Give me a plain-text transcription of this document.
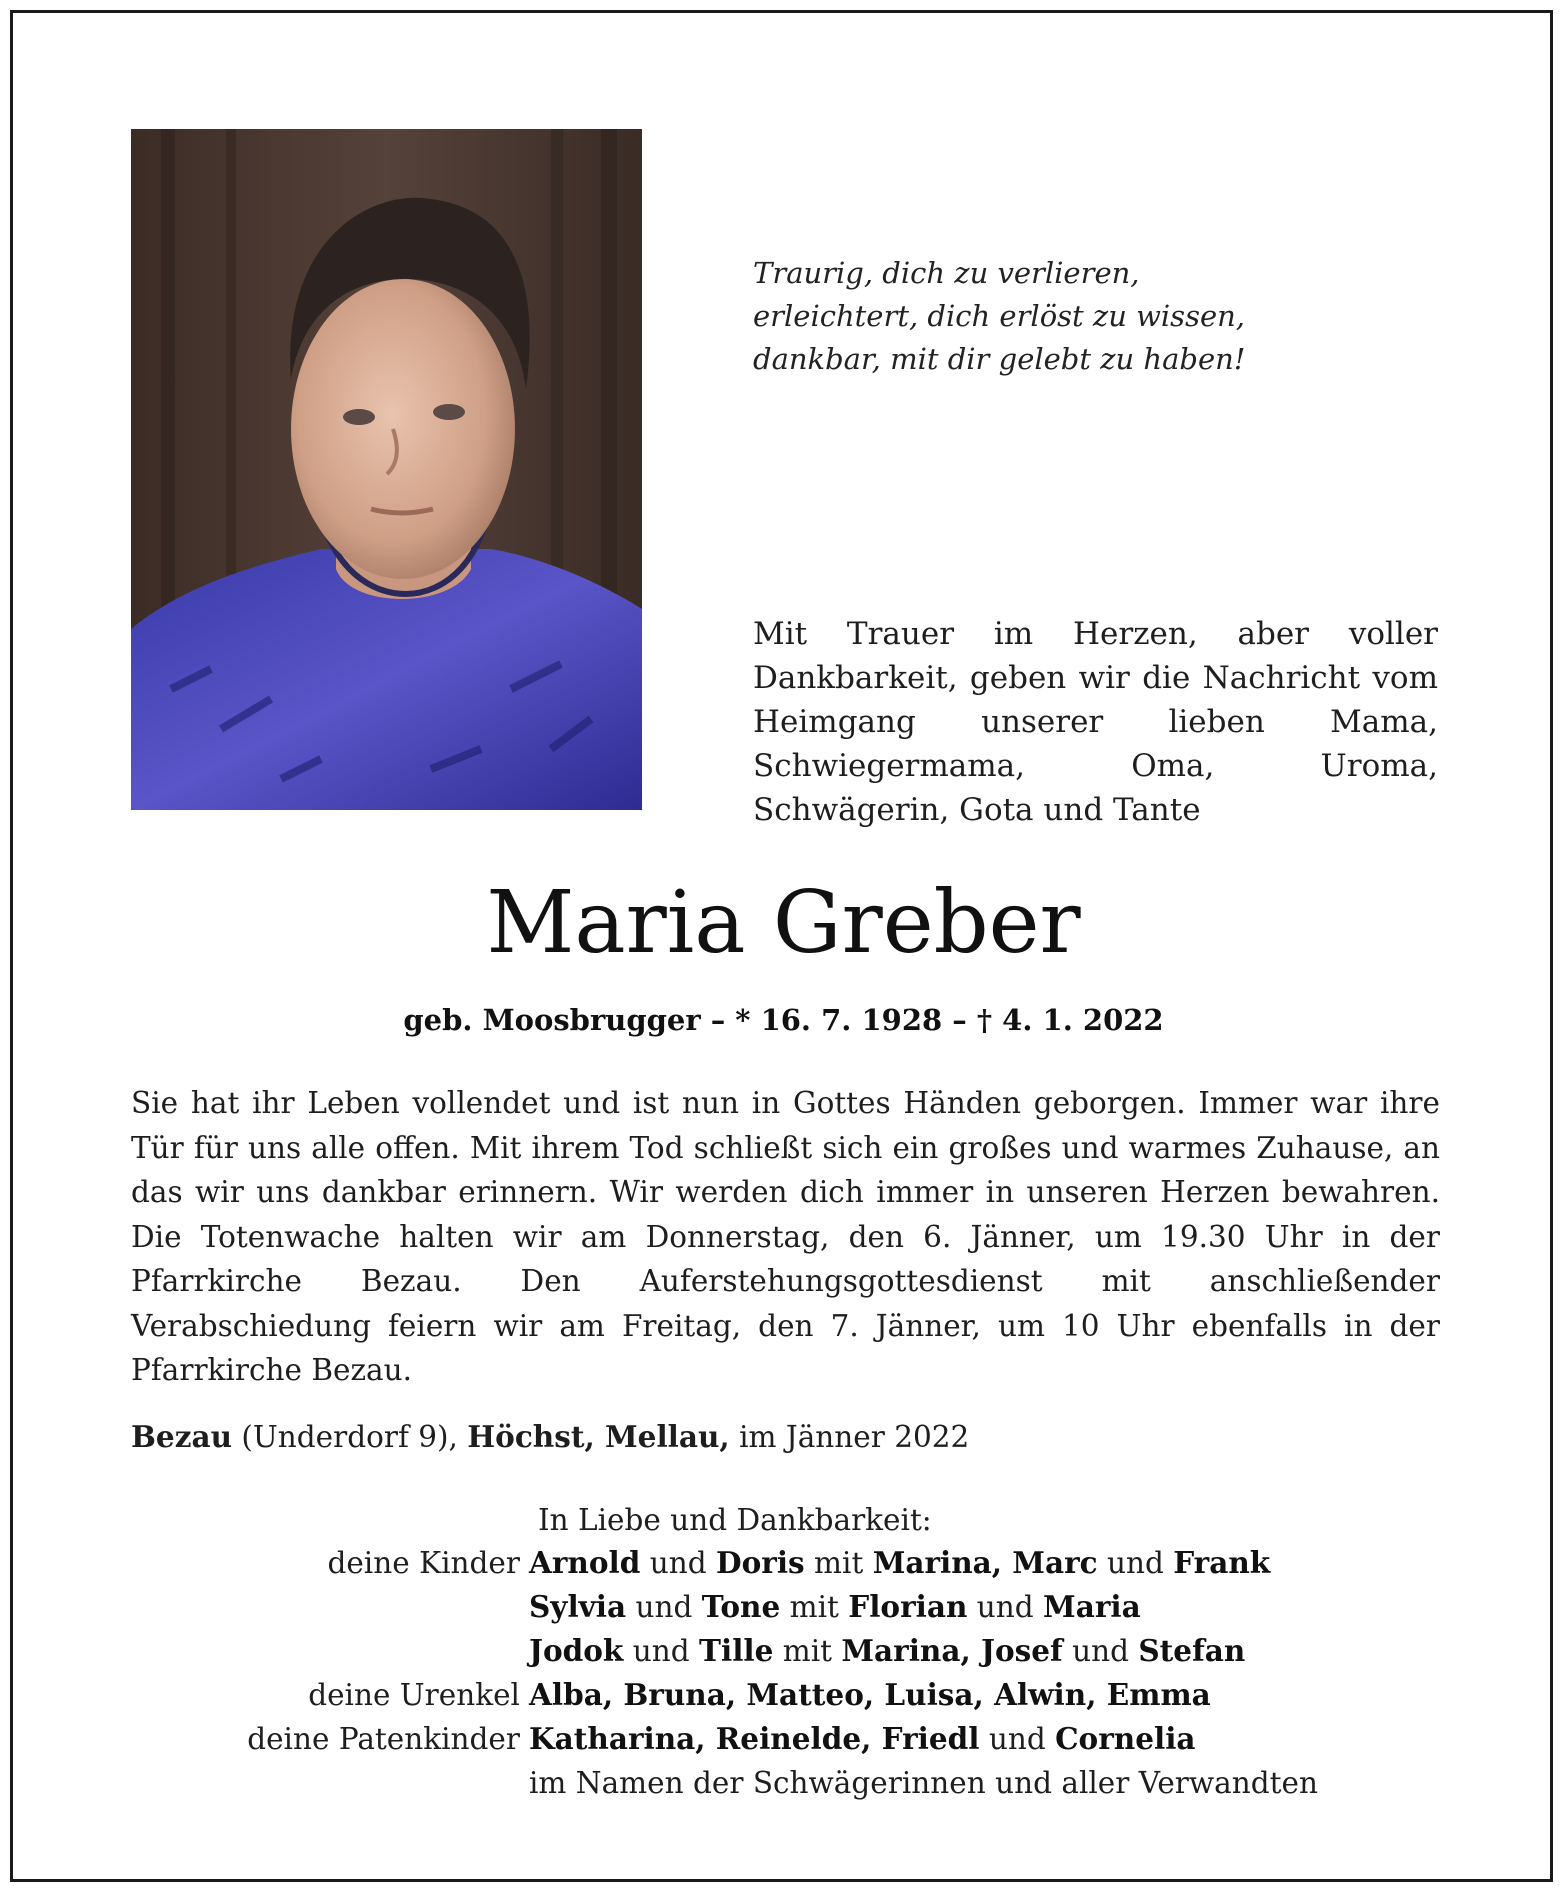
Traurig, dich zu verlieren,
erleichtert, dich erlöst zu wissen,
dankbar, mit dir gelebt zu haben!
Mit Trauer im Herzen, aber voller Dankbarkeit, geben wir die Nachricht vom Heimgang unserer lieben Mama, Schwiegermama, Oma, Uroma, Schwägerin, Gota und Tante
Maria Greber
geb. Moosbrugger – * 16. 7. 1928 – † 4. 1. 2022
Sie hat ihr Leben vollendet und ist nun in Gottes Händen geborgen. Immer war ihre Tür für uns alle offen. Mit ihrem Tod schließt sich ein großes und warmes Zuhause, an das wir uns dankbar erinnern. Wir werden dich immer in unseren Herzen bewahren. Die Totenwache halten wir am Donnerstag, den 6. Jänner, um 19.30 Uhr in der Pfarrkirche Bezau. Den Auferstehungsgottesdienst mit anschließender Verabschiedung feiern wir am Freitag, den 7. Jänner, um 10 Uhr ebenfalls in der Pfarrkirche Bezau.
Bezau (Underdorf 9), Höchst, Mellau, im Jänner 2022
In Liebe und Dankbarkeit:
deine Kinder Arnold und Doris mit Marina, Marc und Frank
Sylvia und Tone mit Florian und Maria
Jodok und Tille mit Marina, Josef und Stefan
deine Urenkel Alba, Bruna, Matteo, Luisa, Alwin, Emma
deine Patenkinder Katharina, Reinelde, Friedl und Cornelia
im Namen der Schwägerinnen und aller Verwandten
